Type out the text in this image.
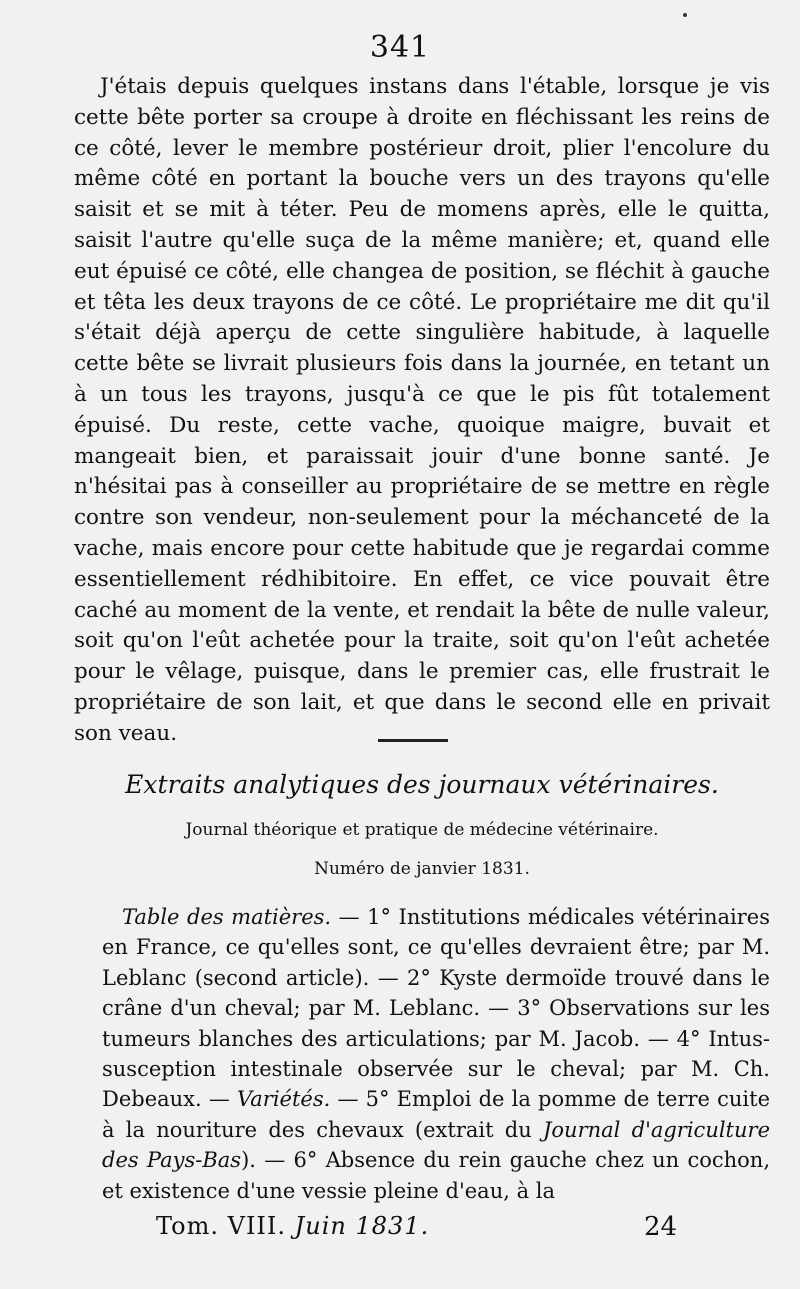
341

J'étais depuis quelques instans dans l'étable, lorsque je vis cette bête porter sa croupe à droite en fléchissant les reins de ce côté, lever le membre postérieur droit, plier l'encolure du même côté en portant la bouche vers un des trayons qu'elle saisit et se mit à téter. Peu de momens après, elle le quitta, saisit l'autre qu'elle suça de la même manière; et, quand elle eut épuisé ce côté, elle changea de position, se fléchit à gauche et têta les deux trayons de ce côté. Le propriétaire me dit qu'il s'était déjà aperçu de cette singulière habitude, à laquelle cette bête se livrait plusieurs fois dans la journée, en tetant un à un tous les trayons, jusqu'à ce que le pis fût totalement épuisé. Du reste, cette vache, quoique maigre, buvait et mangeait bien, et paraissait jouir d'une bonne santé. Je n'hésitai pas à conseiller au propriétaire de se mettre en règle contre son vendeur, non-seulement pour la méchanceté de la vache, mais encore pour cette habitude que je regardai comme essentiellement rédhibitoire. En effet, ce vice pouvait être caché au moment de la vente, et rendait la bête de nulle valeur, soit qu'on l'eût achetée pour la traite, soit qu'on l'eût achetée pour le vêlage, puisque, dans le premier cas, elle frustrait le propriétaire de son lait, et que dans le second elle en privait son veau.

Extraits analytiques des journaux vétérinaires.
Journal théorique et pratique de médecine vétérinaire.
Numéro de janvier 1831.
Table des matières. — 1° Institutions médicales vétérinaires en France, ce qu'elles sont, ce qu'elles devraient être; par M. Leblanc (second article). — 2° Kyste dermoïde trouvé dans le crâne d'un cheval; par M. Leblanc. — 3° Observations sur les tumeurs blanches des articulations; par M. Jacob. — 4° Intus-susception intestinale observée sur le cheval; par M. Ch. Debeaux. — Variétés. — 5° Emploi de la pomme de terre cuite à la nouriture des chevaux (extrait du Journal d'agriculture des Pays-Bas). — 6° Absence du rein gauche chez un cochon, et existence d'une vessie pleine d'eau, à la
Tom. VIII. Juin 1831.	24
